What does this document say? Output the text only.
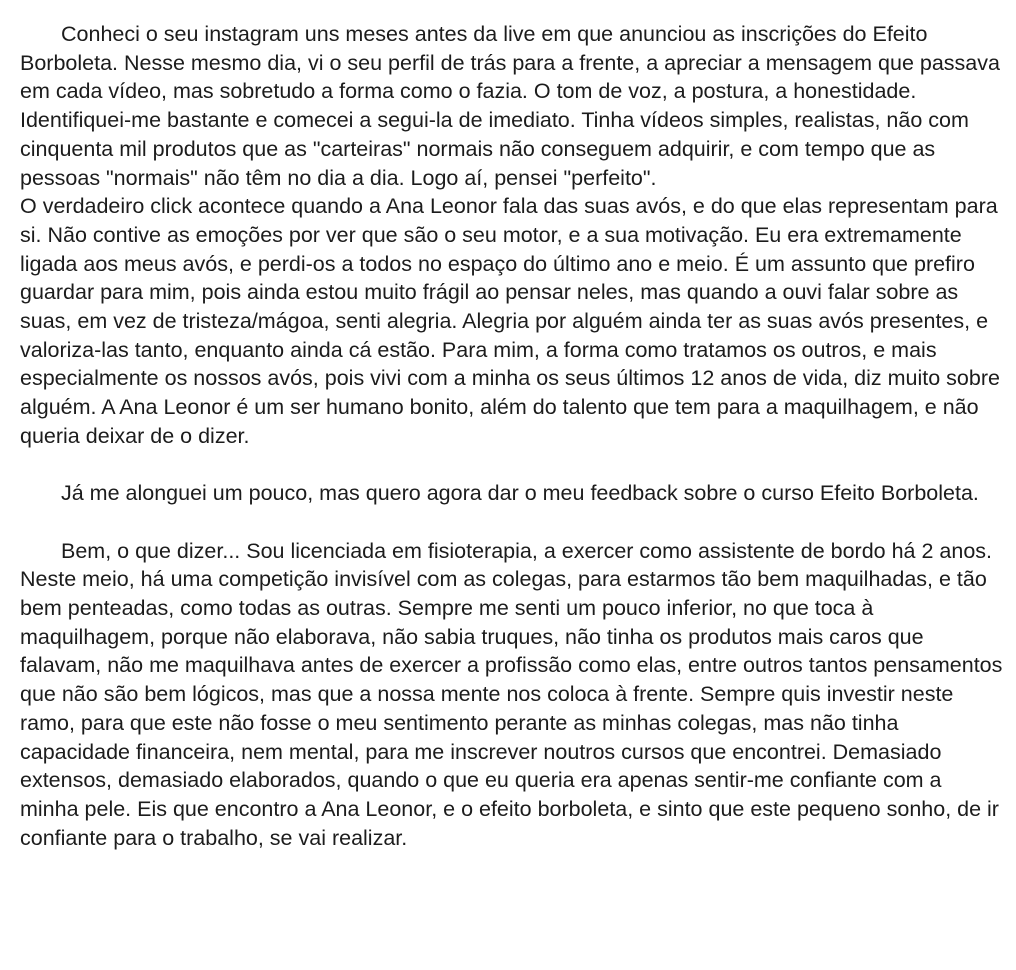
Conheci o seu instagram uns meses antes da live em que anunciou as inscrições do Efeito Borboleta. Nesse mesmo dia, vi o seu perfil de trás para a frente, a apreciar a mensagem que passava em cada vídeo, mas sobretudo a forma como o fazia. O tom de voz, a postura, a honestidade. Identifiquei-me bastante e comecei a segui-la de imediato. Tinha vídeos simples, realistas, não com cinquenta mil produtos que as "carteiras" normais não conseguem adquirir, e com tempo que as pessoas "normais" não têm no dia a dia. Logo aí, pensei "perfeito".

O verdadeiro click acontece quando a Ana Leonor fala das suas avós, e do que elas representam para si. Não contive as emoções por ver que são o seu motor, e a sua motivação. Eu era extremamente ligada aos meus avós, e perdi-os a todos no espaço do último ano e meio. É um assunto que prefiro guardar para mim, pois ainda estou muito frágil ao pensar neles, mas quando a ouvi falar sobre as suas, em vez de tristeza/mágoa, senti alegria. Alegria por alguém ainda ter as suas avós presentes, e valoriza-las tanto, enquanto ainda cá estão. Para mim, a forma como tratamos os outros, e mais especialmente os nossos avós, pois vivi com a minha os seus últimos 12 anos de vida, diz muito sobre alguém. A Ana Leonor é um ser humano bonito, além do talento que tem para a maquilhagem, e não queria deixar de o dizer.

Já me alonguei um pouco, mas quero agora dar o meu feedback sobre o curso Efeito Borboleta.

Bem, o que dizer... Sou licenciada em fisioterapia, a exercer como assistente de bordo há 2 anos. Neste meio, há uma competição invisível com as colegas, para estarmos tão bem maquilhadas, e tão bem penteadas, como todas as outras. Sempre me senti um pouco inferior, no que toca à maquilhagem, porque não elaborava, não sabia truques, não tinha os produtos mais caros que falavam, não me maquilhava antes de exercer a profissão como elas, entre outros tantos pensamentos que não são bem lógicos, mas que a nossa mente nos coloca à frente. Sempre quis investir neste ramo, para que este não fosse o meu sentimento perante as minhas colegas, mas não tinha capacidade financeira, nem mental, para me inscrever noutros cursos que encontrei. Demasiado extensos, demasiado elaborados, quando o que eu queria era apenas sentir-me confiante com a minha pele. Eis que encontro a Ana Leonor, e o efeito borboleta, e sinto que este pequeno sonho, de ir confiante para o trabalho, se vai realizar.
